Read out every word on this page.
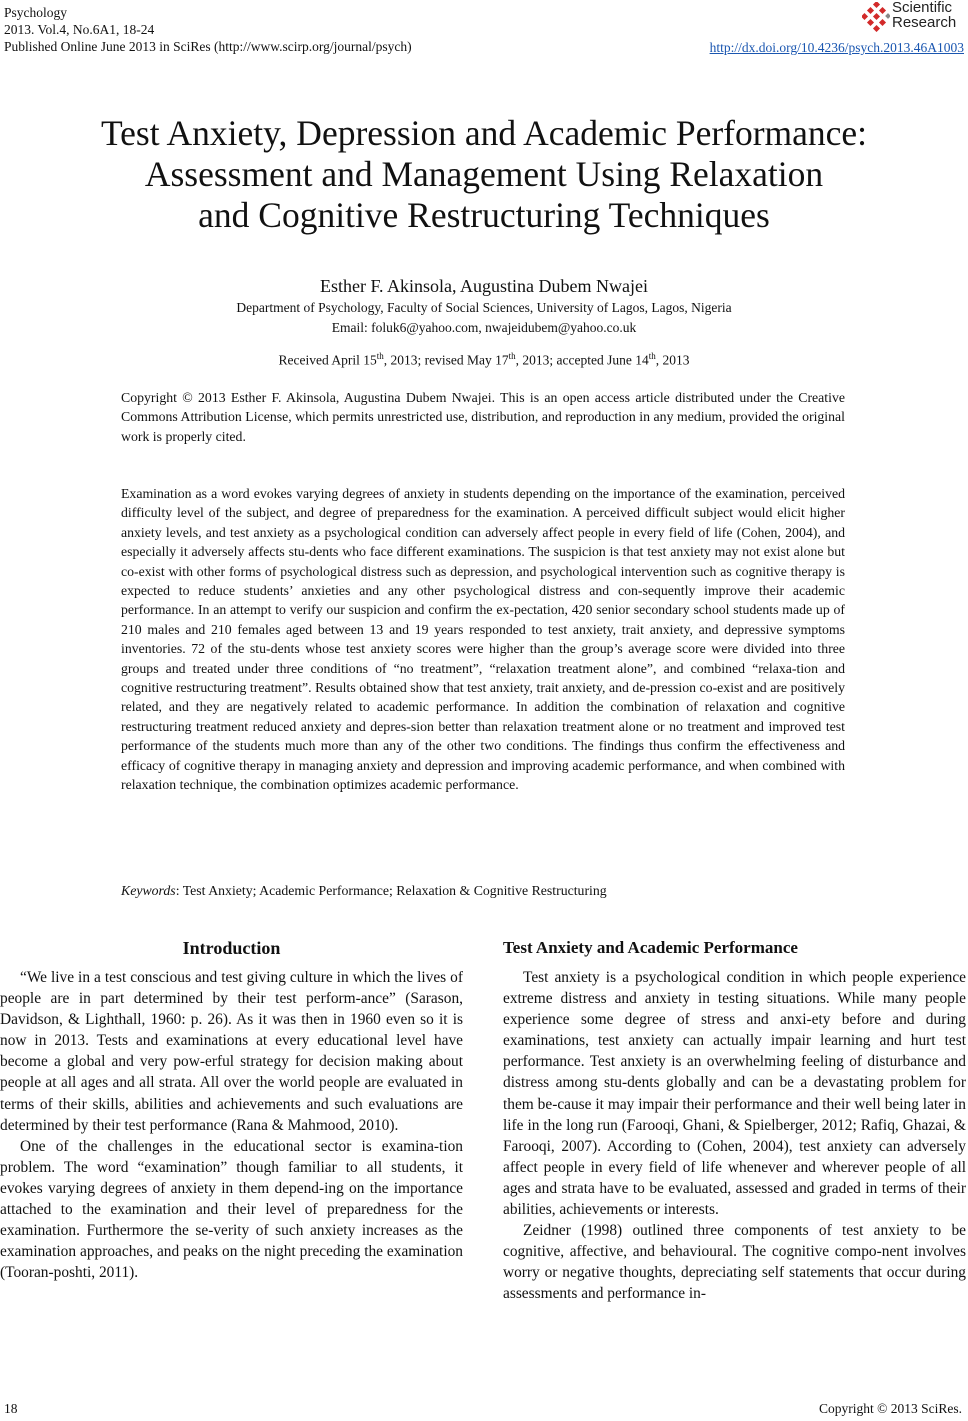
Psychology
2013. Vol.4, No.6A1, 18-24
Published Online June 2013 in SciRes (http://www.scirp.org/journal/psych)
Scientific
Research
http://dx.doi.org/10.4236/psych.2013.46A1003
Test Anxiety, Depression and Academic Performance:
Assessment and Management Using Relaxation
and Cognitive Restructuring Techniques
Esther F. Akinsola, Augustina Dubem Nwajei
Department of Psychology, Faculty of Social Sciences, University of Lagos, Lagos, Nigeria
Email: foluk6@yahoo.com, nwajeidubem@yahoo.co.uk
Received April 15th, 2013; revised May 17th, 2013; accepted June 14th, 2013
Copyright © 2013 Esther F. Akinsola, Augustina Dubem Nwajei. This is an open access article distributed under the Creative Commons Attribution License, which permits unrestricted use, distribution, and reproduction in any medium, provided the original work is properly cited.
Examination as a word evokes varying degrees of anxiety in students depending on the importance of the examination, perceived difficulty level of the subject, and degree of preparedness for the examination. A perceived difficult subject would elicit higher anxiety levels, and test anxiety as a psychological condition can adversely affect people in every field of life (Cohen, 2004), and especially it adversely affects stu-dents who face different examinations. The suspicion is that test anxiety may not exist alone but co-exist with other forms of psychological distress such as depression, and psychological intervention such as cognitive therapy is expected to reduce students’ anxieties and any other psychological distress and con-sequently improve their academic performance. In an attempt to verify our suspicion and confirm the ex-pectation, 420 senior secondary school students made up of 210 males and 210 females aged between 13 and 19 years responded to test anxiety, trait anxiety, and depressive symptoms inventories. 72 of the stu-dents whose test anxiety scores were higher than the group’s average score were divided into three groups and treated under three conditions of “no treatment”, “relaxation treatment alone”, and combined “relaxa-tion and cognitive restructuring treatment”. Results obtained show that test anxiety, trait anxiety, and de-pression co-exist and are positively related, and they are negatively related to academic performance. In addition the combination of relaxation and cognitive restructuring treatment reduced anxiety and depres-sion better than relaxation treatment alone or no treatment and improved test performance of the students much more than any of the other two conditions. The findings thus confirm the effectiveness and efficacy of cognitive therapy in managing anxiety and depression and improving academic performance, and when combined with relaxation technique, the combination optimizes academic performance.
Keywords: Test Anxiety; Academic Performance; Relaxation & Cognitive Restructuring
Introduction

“We live in a test conscious and test giving culture in which the lives of people are in part determined by their test perform-ance” (Sarason, Davidson, & Lighthall, 1960: p. 26). As it was then in 1960 even so it is now in 2013. Tests and examinations at every educational level have become a global and very pow-erful strategy for decision making about people at all ages and all strata. All over the world people are evaluated in terms of their skills, abilities and achievements and such evaluations are determined by their test performance (Rana & Mahmood, 2010).

One of the challenges in the educational sector is examina-tion problem. The word “examination” though familiar to all students, it evokes varying degrees of anxiety in them depend-ing on the importance attached to the examination and their level of preparedness for the examination. Furthermore the se-verity of such anxiety increases as the examination approaches, and peaks on the night preceding the examination (Tooran-poshti, 2011).

Test Anxiety and Academic Performance

Test anxiety is a psychological condition in which people experience extreme distress and anxiety in testing situations. While many people experience some degree of stress and anxi-ety before and during examinations, test anxiety can actually impair learning and hurt test performance. Test anxiety is an overwhelming feeling of disturbance and distress among stu-dents globally and can be a devastating problem for them be-cause it may impair their performance and their well being later in life in the long run (Farooqi, Ghani, & Spielberger, 2012; Rafiq, Ghazai, & Farooqi, 2007). According to (Cohen, 2004), test anxiety can adversely affect people in every field of life whenever and wherever people of all ages and strata have to be evaluated, assessed and graded in terms of their abilities, achievements or interests.

Zeidner (1998) outlined three components of test anxiety to be cognitive, affective, and behavioural. The cognitive compo-nent involves worry or negative thoughts, depreciating self statements that occur during assessments and performance in-

18	Copyright © 2013 SciRes.
